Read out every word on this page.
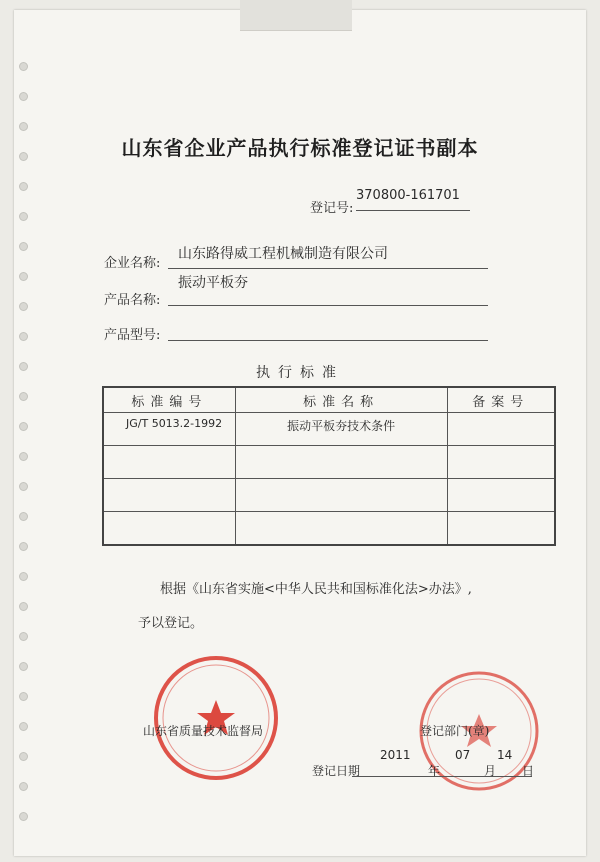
山东省企业产品执行标准登记证书副本
登记号:
370800-161701
企业名称:
山东路得威工程机械制造有限公司
产品名称:
振动平板夯
产品型号:
执行标准
标准编号	标准名称	备案号
JG/T 5013.2-1992	振动平板夯技术条件	

根据《山东省实施<中华人民共和国标准化法>办法》,
予以登记。
山东省质量技术监督局	登记部门(章)
登记日期
2011	07 14
年	月 日
